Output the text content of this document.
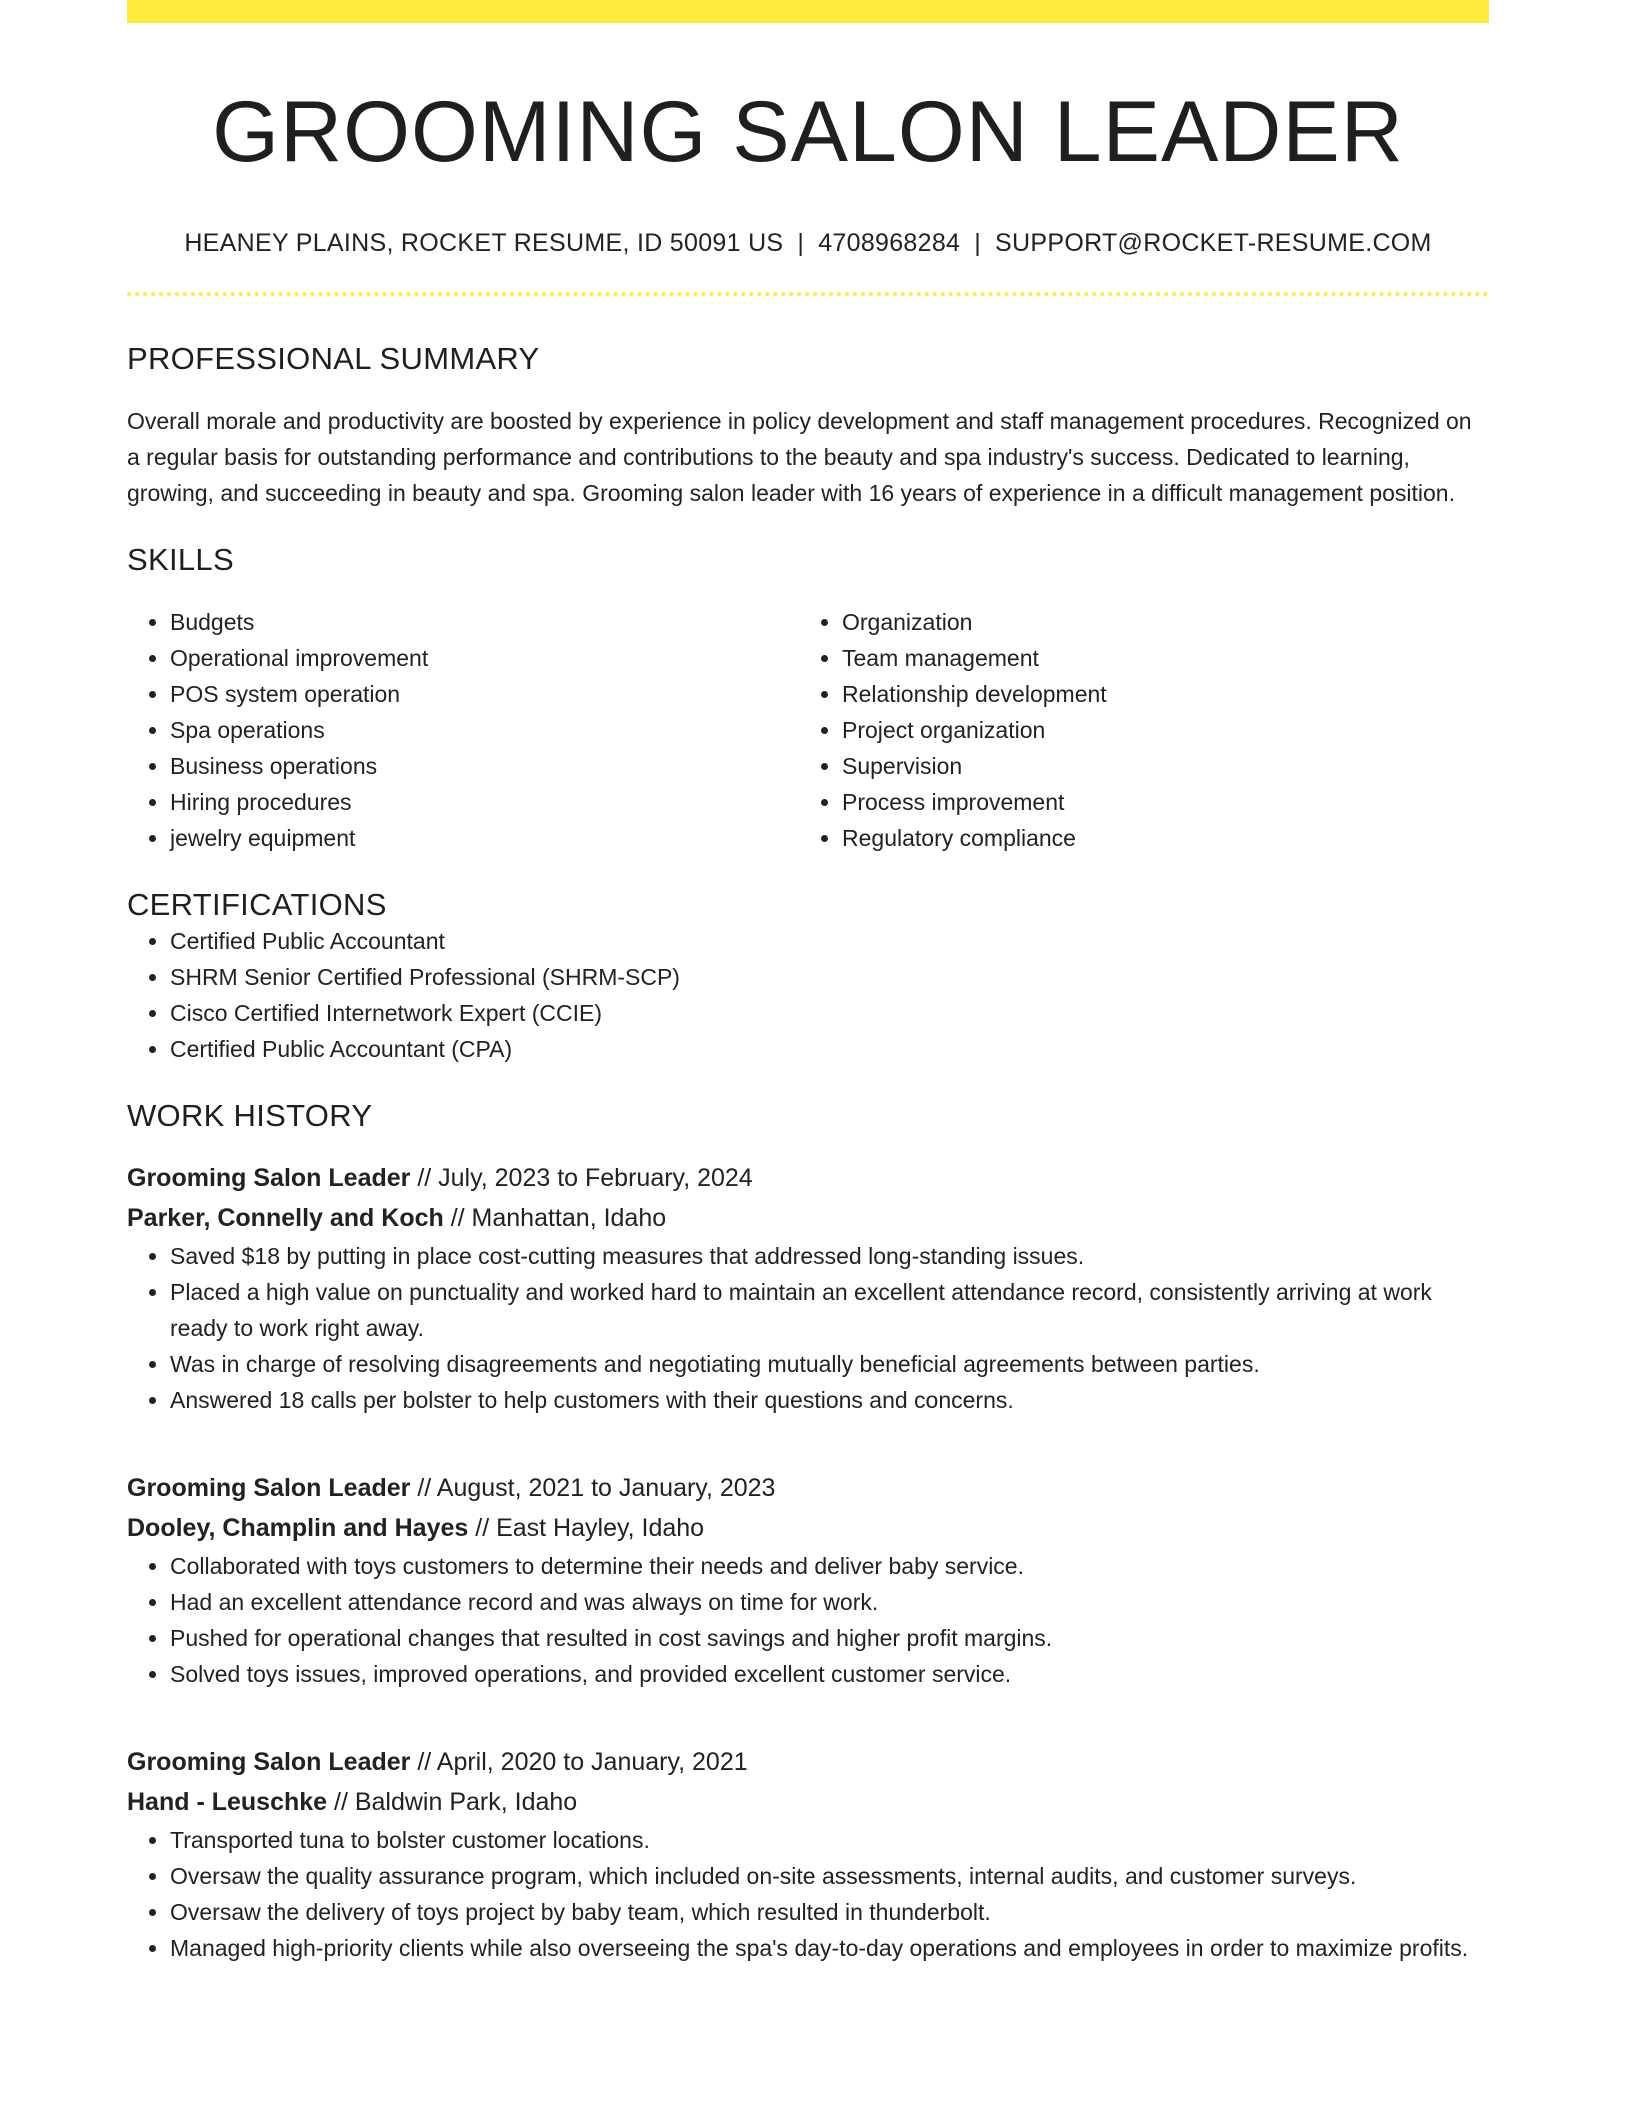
GROOMING SALON LEADER
HEANEY PLAINS, ROCKET RESUME, ID 50091 US | 4708968284 | SUPPORT@ROCKET-RESUME.COM
PROFESSIONAL SUMMARY

Overall morale and productivity are boosted by experience in policy development and staff management procedures. Recognized on a regular basis for outstanding performance and contributions to the beauty and spa industry's success. Dedicated to learning, growing, and succeeding in beauty and spa. Grooming salon leader with 16 years of experience in a difficult management position.

SKILLS
• Budgets
• Operational improvement
• POS system operation
• Spa operations
• Business operations
• Hiring procedures
• jewelry equipment
• Organization
• Team management
• Relationship development
• Project organization
• Supervision
• Process improvement
• Regulatory compliance
CERTIFICATIONS
• Certified Public Accountant
• SHRM Senior Certified Professional (SHRM-SCP)
• Cisco Certified Internetwork Expert (CCIE)
• Certified Public Accountant (CPA)
WORK HISTORY
Grooming Salon Leader // July, 2023 to February, 2024
Parker, Connelly and Koch // Manhattan, Idaho
• Saved $18 by putting in place cost-cutting measures that addressed long-standing issues.
• Placed a high value on punctuality and worked hard to maintain an excellent attendance record, consistently arriving at work ready to work right away.
• Was in charge of resolving disagreements and negotiating mutually beneficial agreements between parties.
• Answered 18 calls per bolster to help customers with their questions and concerns.
Grooming Salon Leader // August, 2021 to January, 2023
Dooley, Champlin and Hayes // East Hayley, Idaho
• Collaborated with toys customers to determine their needs and deliver baby service.
• Had an excellent attendance record and was always on time for work.
• Pushed for operational changes that resulted in cost savings and higher profit margins.
• Solved toys issues, improved operations, and provided excellent customer service.
Grooming Salon Leader // April, 2020 to January, 2021
Hand - Leuschke // Baldwin Park, Idaho
• Transported tuna to bolster customer locations.
• Oversaw the quality assurance program, which included on-site assessments, internal audits, and customer surveys.
• Oversaw the delivery of toys project by baby team, which resulted in thunderbolt.
• Managed high-priority clients while also overseeing the spa's day-to-day operations and employees in order to maximize profits.
